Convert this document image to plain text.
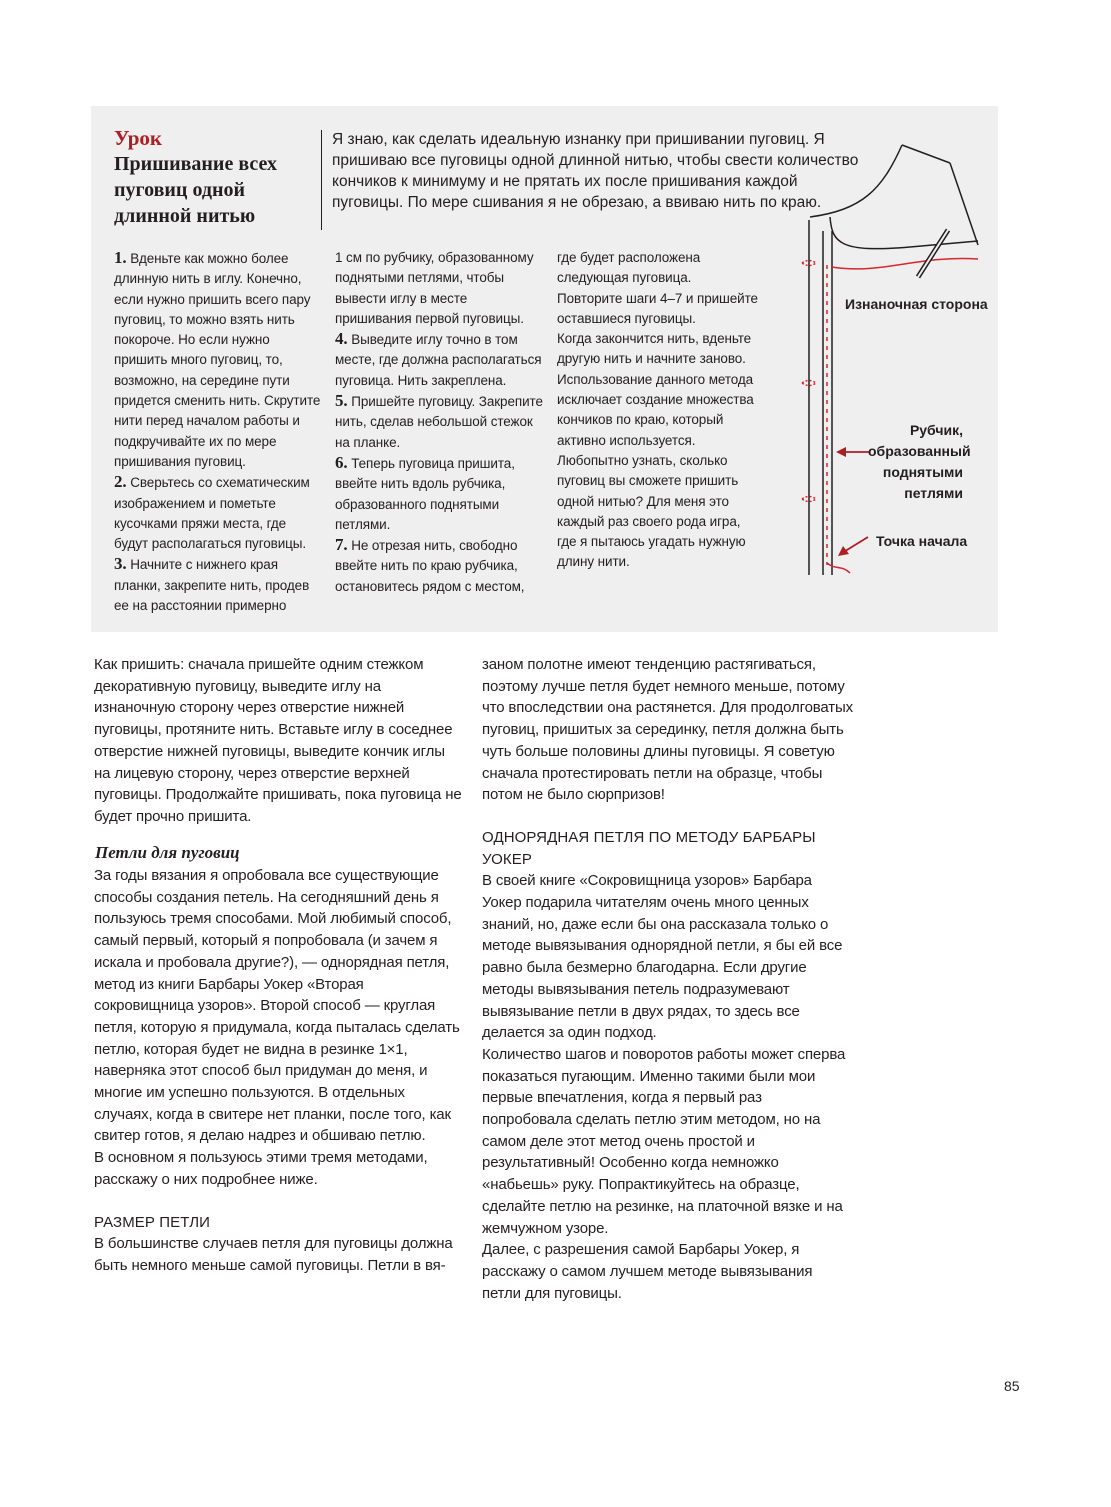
Урок
Пришивание всех пуговиц одной длинной нитью
Я знаю, как сделать идеальную изнанку при пришивании пуговиц. Я пришиваю все пуговицы одной длинной нитью, чтобы свести количество кончиков к минимуму и не прятать их после пришивания каждой пуговицы. По мере сшивания я не обрезаю, а ввиваю нить по краю.

1. Вденьте как можно более длинную нить в иглу. Конечно, если нужно пришить всего пару пуговиц, то можно взять нить покороче. Но если нужно пришить много пуговиц, то, возможно, на середине пути придется сменить нить. Скрутите нити перед началом работы и подкручивайте их по мере пришивания пуговиц.

2. Сверьтесь со схематическим изображением и пометьте кусочками пряжи места, где будут располагаться пуговицы.

3. Начните с нижнего края планки, закрепите нить, продев ее на расстоянии примерно

1 см по рубчику, образованному поднятыми петлями, чтобы вывести иглу в месте пришивания первой пуговицы.

4. Выведите иглу точно в том месте, где должна располагаться пуговица. Нить закреплена.

5. Пришейте пуговицу. Закрепите нить, сделав небольшой стежок на планке.

6. Теперь пуговица пришита, ввейте нить вдоль рубчика, образованного поднятыми петлями.

7. Не отрезая нить, свободно ввейте нить по краю рубчика, остановитесь рядом с местом,

где будет расположена следующая пуговица.

Повторите шаги 4–7 и пришейте оставшиеся пуговицы.

Когда закончится нить, вденьте другую нить и начните заново.

Использование данного метода исключает создание множества кончиков по краю, который активно используется.

Любопытно узнать, сколько пуговиц вы сможете пришить одной нитью? Для меня это каждый раз своего рода игра, где я пытаюсь угадать нужную длину нити.

Изнаночная сторона
Рубчик, образованный поднятыми петлями
Точка начала

Как пришить: сначала пришейте одним стежком декоративную пуговицу, выведите иглу на изнаночную сторону через отверстие нижней пуговицы, протяните нить. Вставьте иглу в соседнее отверстие нижней пуговицы, выведите кончик иглы на лицевую сторону, через отверстие верхней пуговицы. Продолжайте пришивать, пока пуговица не будет прочно пришита.

Петли для пуговиц

За годы вязания я опробовала все существующие способы создания петель. На сегодняшний день я пользуюсь тремя способами. Мой любимый способ, самый первый, который я попробовала (и зачем я искала и пробовала другие?), — однорядная петля, метод из книги Барбары Уокер «Вторая сокровищница узоров». Второй способ — круглая петля, которую я придумала, когда пыталась сделать петлю, которая будет не видна в резинке 1×1, наверняка этот способ был придуман до меня, и многие им успешно пользуются. В отдельных случаях, когда в свитере нет планки, после того, как свитер готов, я делаю надрез и обшиваю петлю.

В основном я пользуюсь этими тремя методами, расскажу о них подробнее ниже.

РАЗМЕР ПЕТЛИ

В большинстве случаев петля для пуговицы должна быть немного меньше самой пуговицы. Петли в вя-

заном полотне имеют тенденцию растягиваться, поэтому лучше петля будет немного меньше, потому что впоследствии она растянется. Для продолговатых пуговиц, пришитых за серединку, петля должна быть чуть больше половины длины пуговицы. Я советую сначала протестировать петли на образце, чтобы потом не было сюрпризов!

ОДНОРЯДНАЯ ПЕТЛЯ ПО МЕТОДУ БАРБАРЫ УОКЕР

В своей книге «Сокровищница узоров» Барбара Уокер подарила читателям очень много ценных знаний, но, даже если бы она рассказала только о методе вывязывания однорядной петли, я бы ей все равно была безмерно благодарна. Если другие методы вывязывания петель подразумевают вывязывание петли в двух рядах, то здесь все делается за один подход.

Количество шагов и поворотов работы может сперва показаться пугающим. Именно такими были мои первые впечатления, когда я первый раз попробовала сделать петлю этим методом, но на самом деле этот метод очень простой и результативный! Особенно когда немножко «набьешь» руку. Попрактикуйтесь на образце, сделайте петлю на резинке, на платочной вязке и на жемчужном узоре.

Далее, с разрешения самой Барбары Уокер, я расскажу о самом лучшем методе вывязывания петли для пуговицы.

85
